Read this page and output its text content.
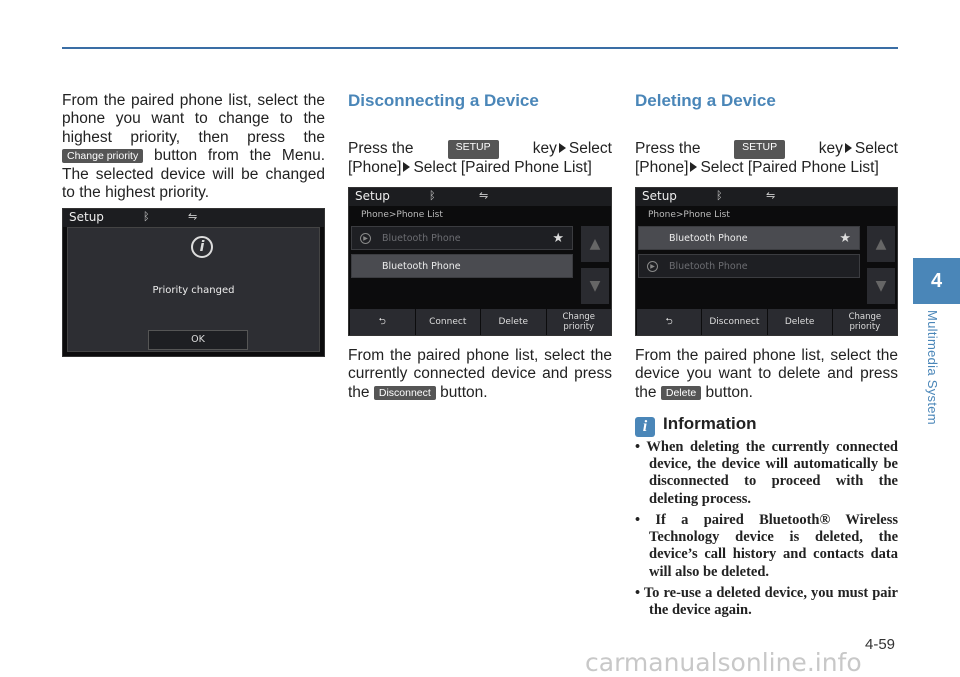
From the paired phone list, select the phone you want to change to the highest priority, then press the Change priority button from the Menu. The selected device will be changed to the highest priority.
Setup	ᛒ	⇋
i
Priority changed
OK
Disconnecting a Device
Press the	SETUP	key Select
[Phone] Select [Paired Phone List]
Setup	ᛒ	⇋
Phone>Phone List
▶	Bluetooth Phone	★
Bluetooth Phone
▲
▼
⮌	Connect	Delete	Change priority
From the paired phone list, select the currently connected device and press the Disconnect button.
Deleting a Device
Press the	SETUP	key Select
[Phone] Select [Paired Phone List]
Setup	ᛒ	⇋
Phone>Phone List
Bluetooth Phone	★
▶	Bluetooth Phone
▲
▼
⮌	Disconnect	Delete	Change priority
From the paired phone list, select the device you want to delete and press the Delete button.
i Information
• When deleting the currently connected device, the device will automatically be disconnected to proceed with the deleting process.
• If a paired Bluetooth® Wireless Technology device is deleted, the device’s call history and contacts data will also be deleted.
• To re-use a deleted device, you must pair the device again.
4
Multimedia System
4-59
carmanualsonline.info
